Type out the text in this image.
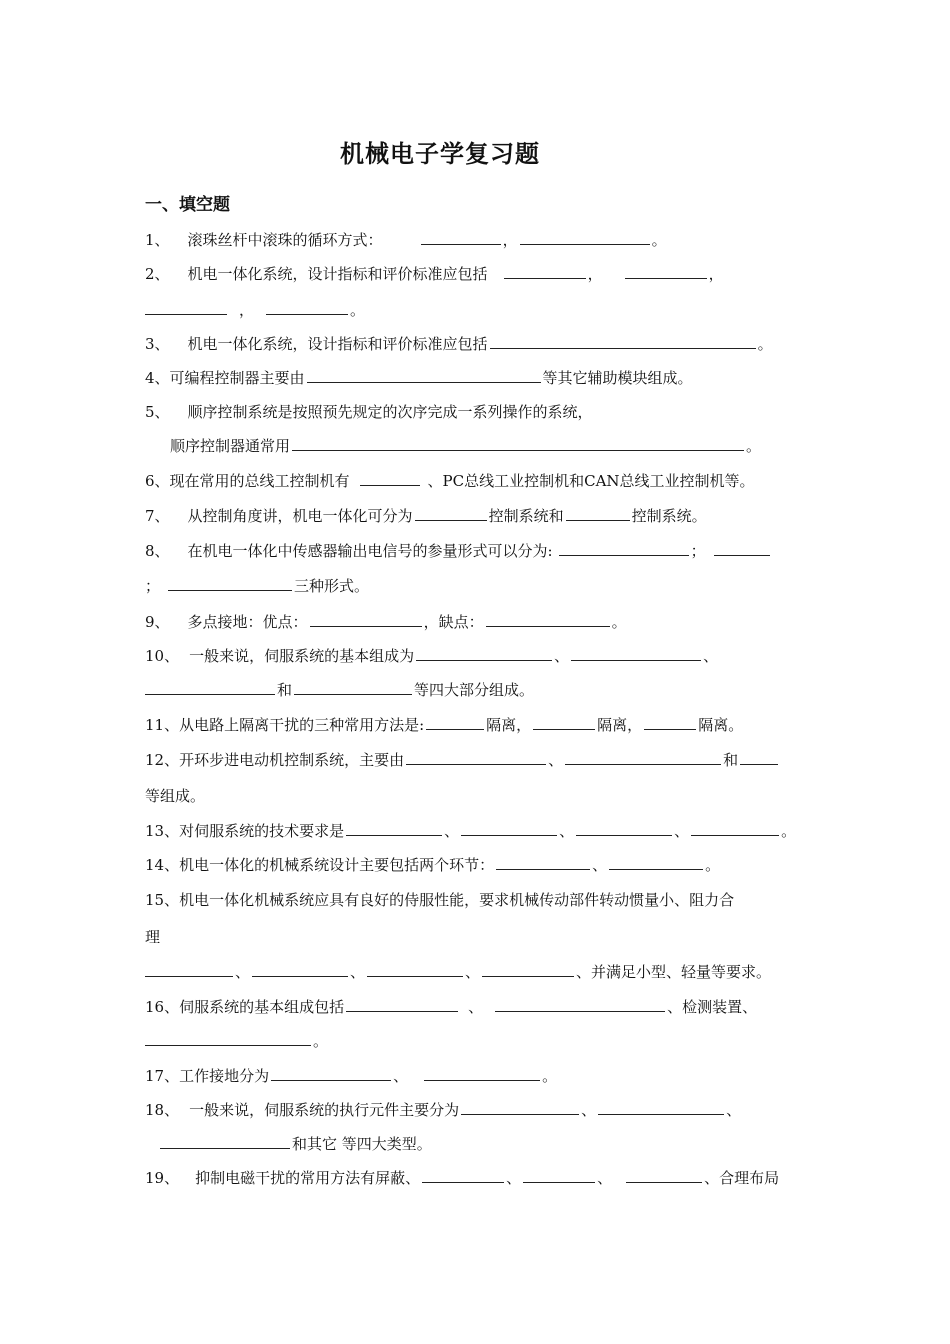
机械电子学复习题
一、填空题
1、 滚珠丝杆中滚珠的循环方式：	，	。
2、 机电一体化系统，设计指标和评价标准应包括	，	，
，	。
3、 机电一体化系统，设计指标和评价标准应包括	。
4、可编程控制器主要由	等其它辅助模块组成。
5、 顺序控制系统是按照预先规定的次序完成一系列操作的系统，
顺序控制器通常用	。
6、现在常用的总线工控制机有	、PC总线工业控制机和CAN总线工业控制机等。
7、 从控制角度讲，机电一体化可分为	控制系统和	控制系统。
8、 在机电一体化中传感器输出电信号的参量形式可以分为:	；
；	三种形式。
9、 多点接地：优点：	，缺点：	。
10、 一般来说，伺服系统的基本组成为	、	、
和	等四大部分组成。
11、从电路上隔离干扰的三种常用方法是:	隔离，	隔离，	隔离。
12、开环步进电动机控制系统，主要由	、	和
等组成。
13、对伺服系统的技术要求是	、	、	、	。
14、机电一体化的机械系统设计主要包括两个环节：	、	。
15、机电一体化机械系统应具有良好的侍服性能，要求机械传动部件转动惯量小、阻力合
理
、	、	、	、并满足小型、轻量等要求。
16、伺服系统的基本组成包括	、	、检测装置、
。
17、工作接地分为	、	。
18、 一般来说，伺服系统的执行元件主要分为	、	、
和其它 等四大类型。
19、 抑制电磁干扰的常用方法有屏蔽、	、	、	、合理布局
